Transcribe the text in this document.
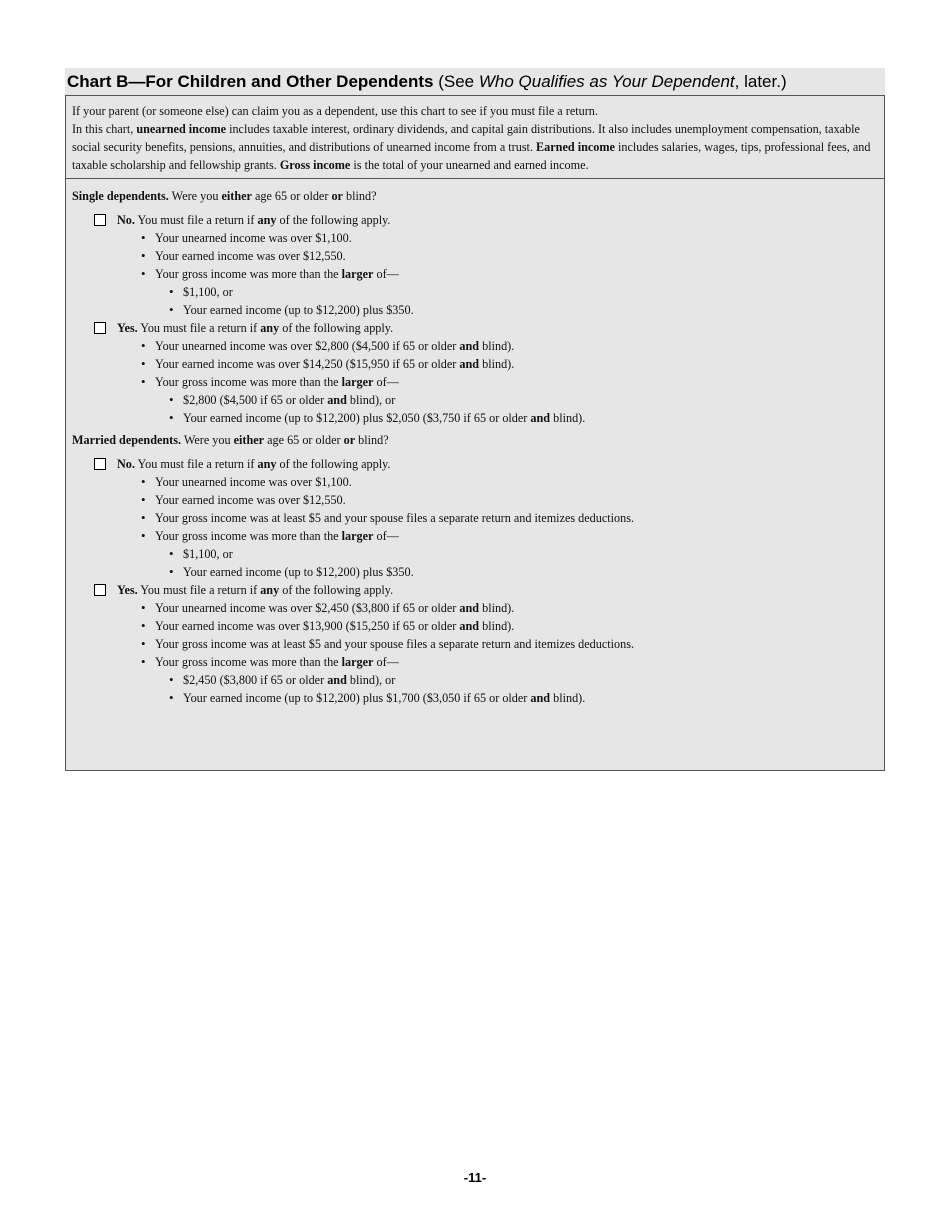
Chart B—For Children and Other Dependents (See Who Qualifies as Your Dependent, later.)

If your parent (or someone else) can claim you as a dependent, use this chart to see if you must file a return.

In this chart, unearned income includes taxable interest, ordinary dividends, and capital gain distributions. It also includes unemployment compensation, taxable social security benefits, pensions, annuities, and distributions of unearned income from a trust. Earned income includes salaries, wages, tips, professional fees, and taxable scholarship and fellowship grants. Gross income is the total of your unearned and earned income.

Single dependents. Were you either age 65 or older or blind?
No. You must file a return if any of the following apply.
• Your unearned income was over $1,100.
• Your earned income was over $12,550.
• Your gross income was more than the larger of—
• $1,100, or
• Your earned income (up to $12,200) plus $350.
Yes. You must file a return if any of the following apply.
• Your unearned income was over $2,800 ($4,500 if 65 or older and blind).
• Your earned income was over $14,250 ($15,950 if 65 or older and blind).
• Your gross income was more than the larger of—
• $2,800 ($4,500 if 65 or older and blind), or
• Your earned income (up to $12,200) plus $2,050 ($3,750 if 65 or older and blind).
Married dependents. Were you either age 65 or older or blind?
No. You must file a return if any of the following apply.
• Your unearned income was over $1,100.
• Your earned income was over $12,550.
• Your gross income was at least $5 and your spouse files a separate return and itemizes deductions.
• Your gross income was more than the larger of—
• $1,100, or
• Your earned income (up to $12,200) plus $350.
Yes. You must file a return if any of the following apply.
• Your unearned income was over $2,450 ($3,800 if 65 or older and blind).
• Your earned income was over $13,900 ($15,250 if 65 or older and blind).
• Your gross income was at least $5 and your spouse files a separate return and itemizes deductions.
• Your gross income was more than the larger of—
• $2,450 ($3,800 if 65 or older and blind), or
• Your earned income (up to $12,200) plus $1,700 ($3,050 if 65 or older and blind).
-11-
